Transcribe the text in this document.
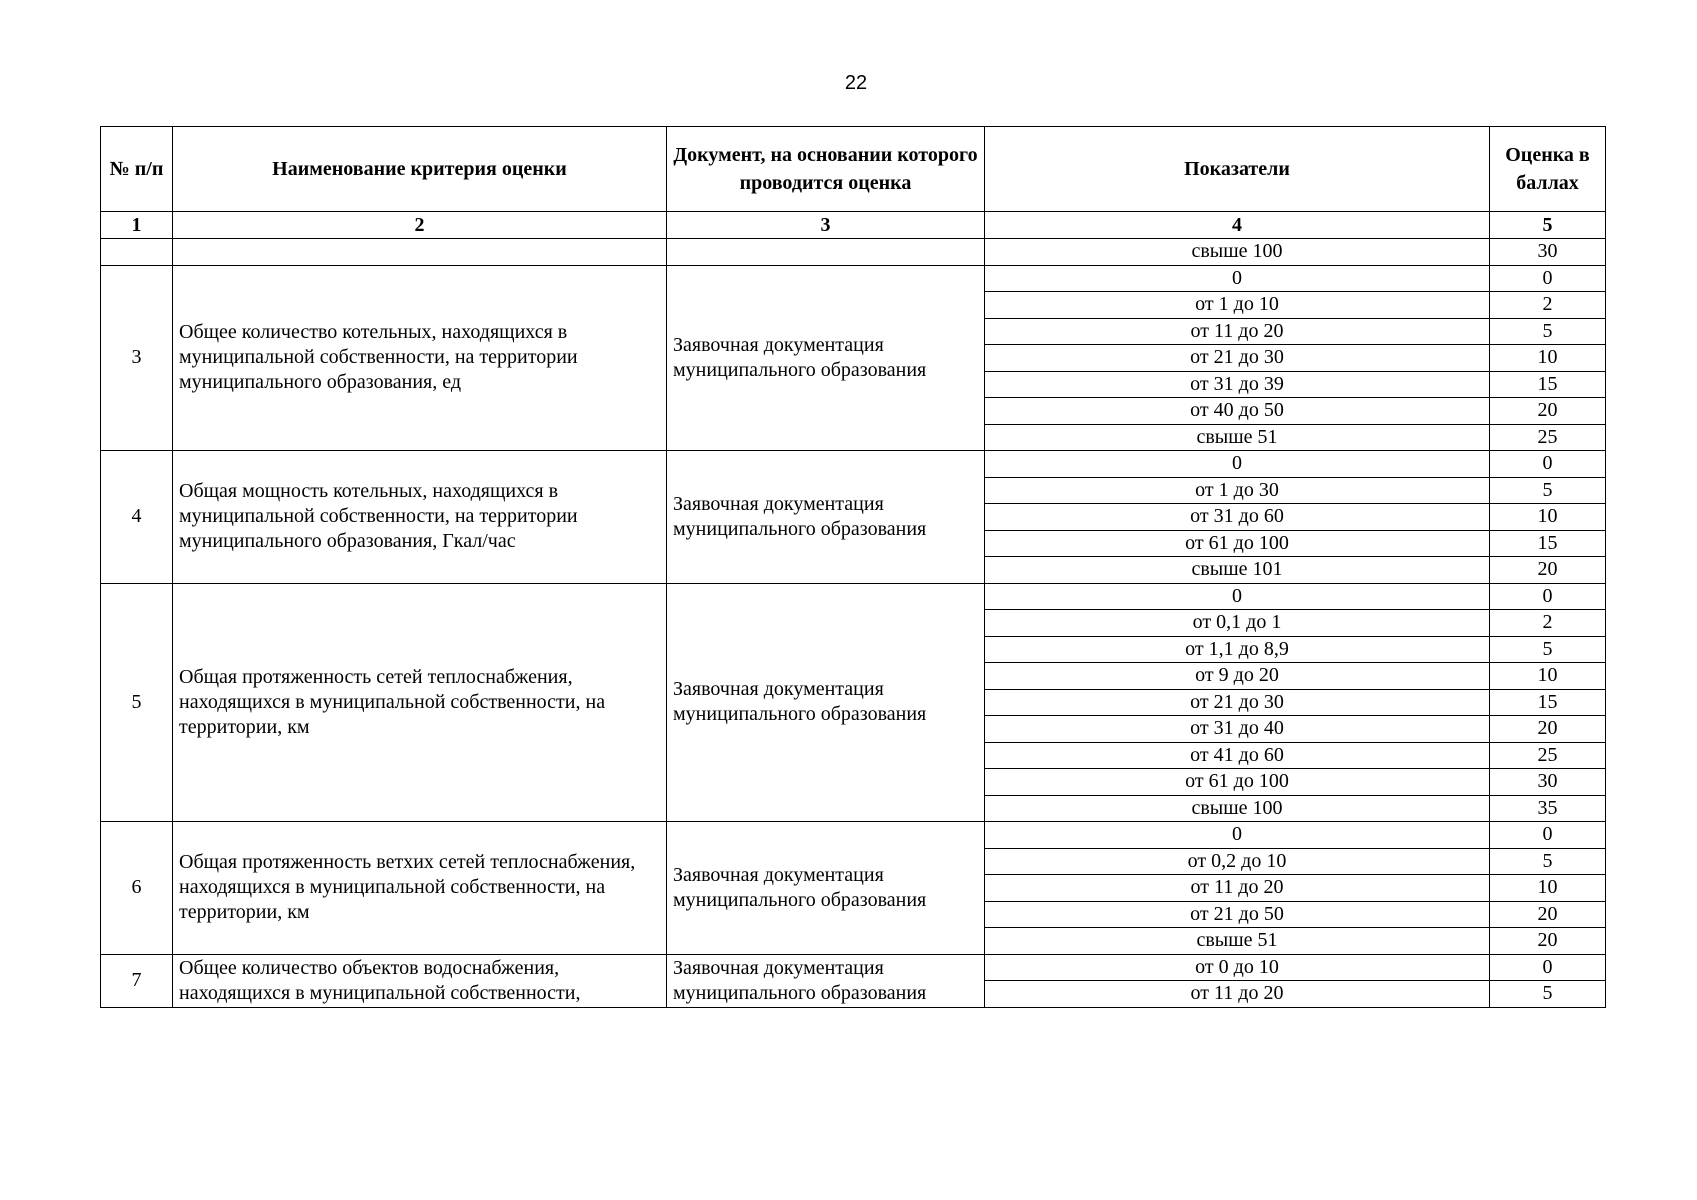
22
№ п/п	Наименование критерия оценки	Документ, на основании которого проводится оценка	Показатели	Оценка в баллах
1	2	3	4	5
			свыше 100	30
3	Общее количество котельных, находящихся в муниципальной собственности, на территории муниципального образования, ед	Заявочная документация муниципального образования	0	0
			от 1 до 10	2
			от 11 до 20	5
			от 21 до 30	10
			от 31 до 39	15
			от 40 до 50	20
			свыше 51	25
4	Общая мощность котельных, находящихся в муниципальной собственности, на территории муниципального образования, Гкал/час	Заявочная документация муниципального образования	0	0
			от 1 до 30	5
			от 31 до 60	10
			от 61 до 100	15
			свыше 101	20
5	Общая протяженность сетей теплоснабжения, находящихся в муниципальной собственности, на территории, км	Заявочная документация муниципального образования	0	0
			от 0,1 до 1	2
			от 1,1 до 8,9	5
			от 9 до 20	10
			от 21 до 30	15
			от 31 до 40	20
			от 41 до 60	25
			от 61 до 100	30
			свыше 100	35
6	Общая протяженность ветхих сетей теплоснабжения, находящихся в муниципальной собственности, на территории, км	Заявочная документация муниципального образования	0	0
			от 0,2 до 10	5
			от 11 до 20	10
			от 21 до 50	20
			свыше 51	20
7	Общее количество объектов водоснабжения, находящихся в муниципальной собственности,	Заявочная документация муниципального образования	от 0 до 10	0
			от 11 до 20	5
